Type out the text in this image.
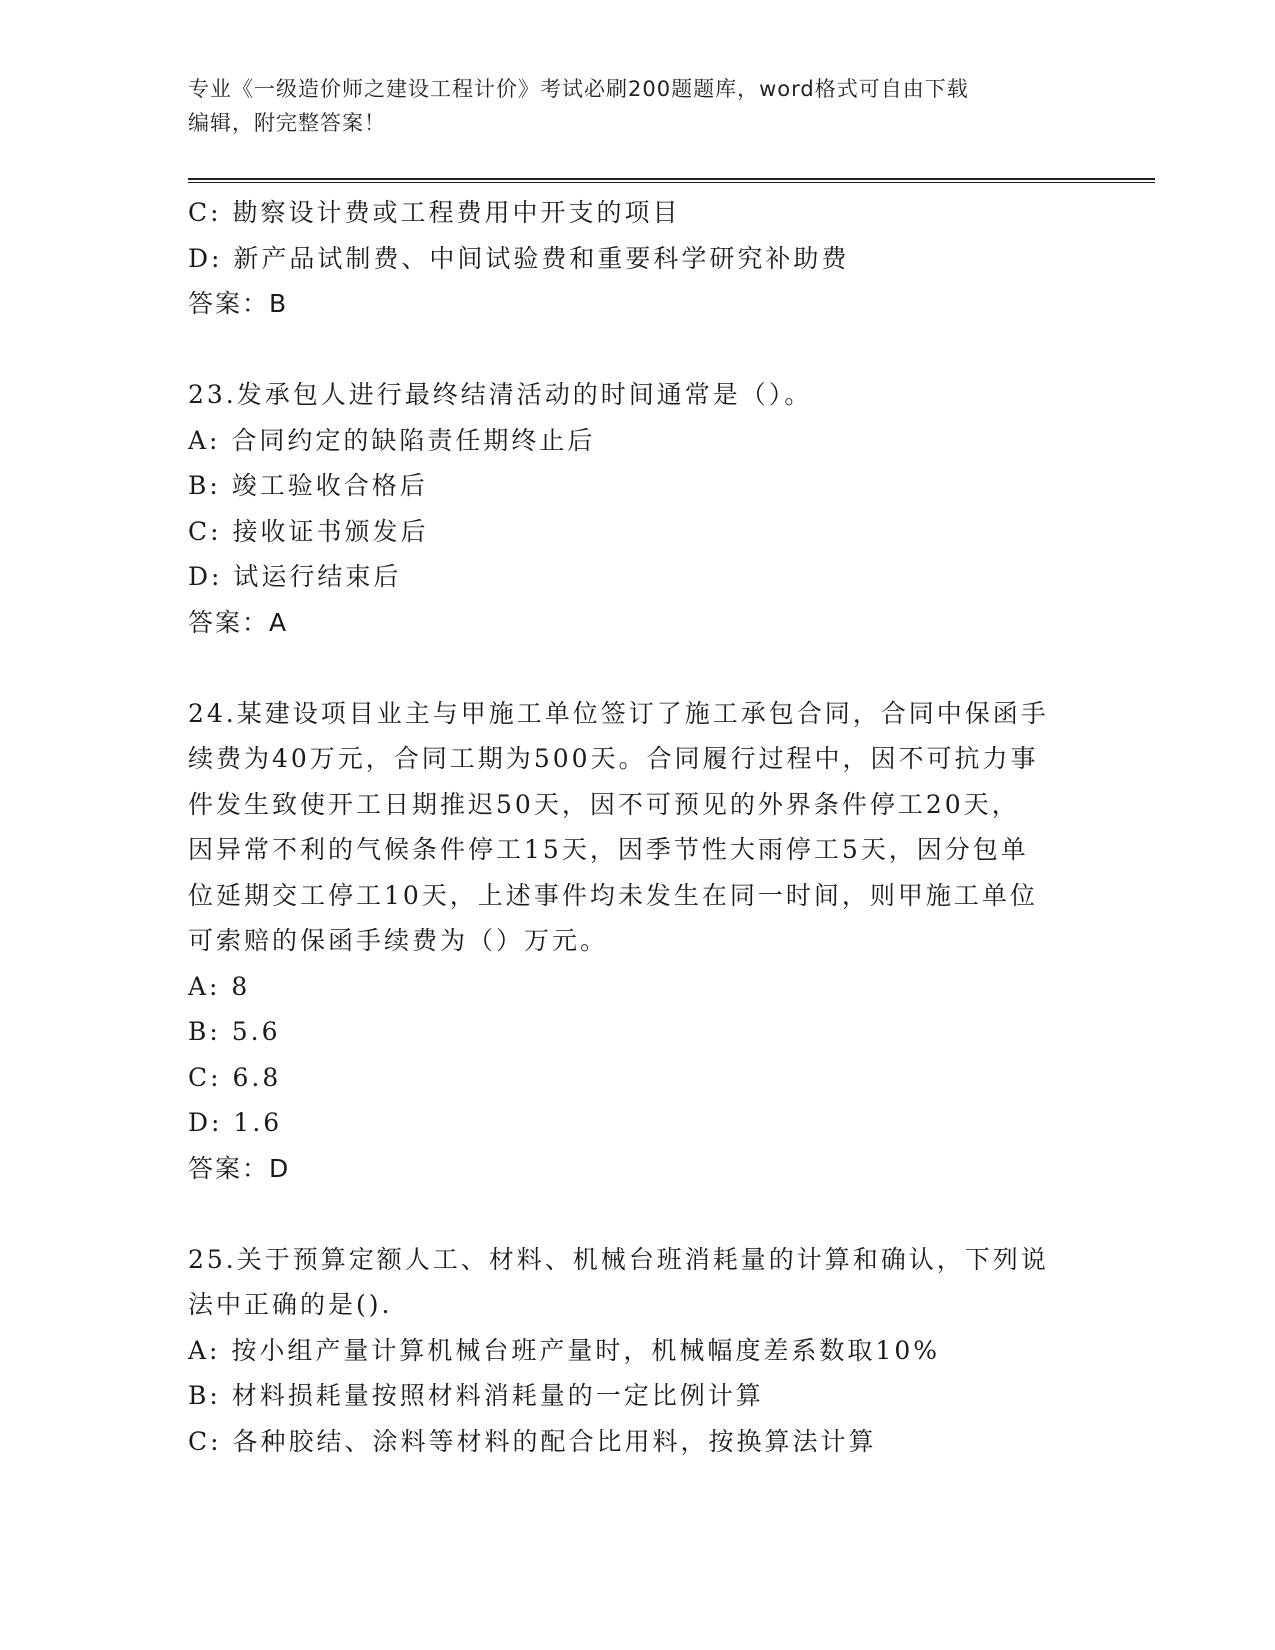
专业《一级造价师之建设工程计价》考试必刷200题题库，word格式可自由下载
编辑，附完整答案！
C: 勘察设计费或工程费用中开支的项目
D: 新产品试制费、中间试验费和重要科学研究补助费
答案：B
23.发承包人进行最终结清活动的时间通常是（）。
A: 合同约定的缺陷责任期终止后
B: 竣工验收合格后
C: 接收证书颁发后
D: 试运行结束后
答案：A
24.某建设项目业主与甲施工单位签订了施工承包合同，合同中保函手
续费为40万元，合同工期为500天。合同履行过程中，因不可抗力事
件发生致使开工日期推迟50天，因不可预见的外界条件停工20天，
因异常不利的气候条件停工15天，因季节性大雨停工5天，因分包单
位延期交工停工10天，上述事件均未发生在同一时间，则甲施工单位
可索赔的保函手续费为（）万元。
A: 8
B: 5.6
C: 6.8
D: 1.6
答案：D
25.关于预算定额人工、材料、机械台班消耗量的计算和确认，下列说
法中正确的是().
A: 按小组产量计算机械台班产量时，机械幅度差系数取10%
B: 材料损耗量按照材料消耗量的一定比例计算
C: 各种胶结、涂料等材料的配合比用料，按换算法计算
